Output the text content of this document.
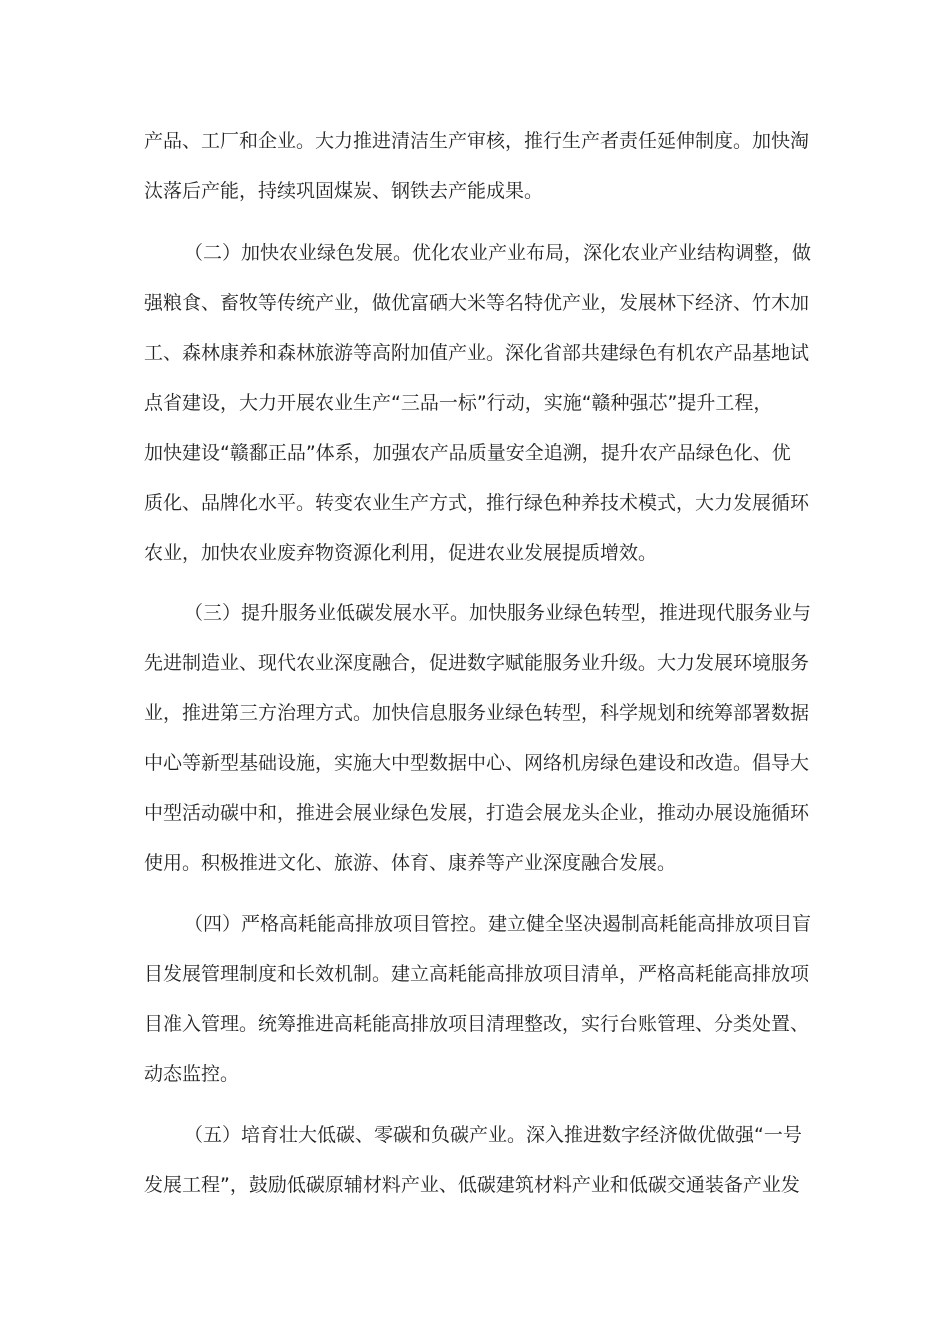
产品、工厂和企业。大力推进清洁生产审核，推行生产者责任延伸制度。加快淘
汰落后产能，持续巩固煤炭、钢铁去产能成果。
（二）加快农业绿色发展。优化农业产业布局，深化农业产业结构调整，做
强粮食、畜牧等传统产业，做优富硒大米等名特优产业，发展林下经济、竹木加
工、森林康养和森林旅游等高附加值产业。深化省部共建绿色有机农产品基地试
点省建设，大力开展农业生产“三品一标”行动，实施“赣种强芯”提升工程，
加快建设“赣鄱正品”体系，加强农产品质量安全追溯，提升农产品绿色化、优
质化、品牌化水平。转变农业生产方式，推行绿色种养技术模式，大力发展循环
农业，加快农业废弃物资源化利用，促进农业发展提质增效。
（三）提升服务业低碳发展水平。加快服务业绿色转型，推进现代服务业与
先进制造业、现代农业深度融合，促进数字赋能服务业升级。大力发展环境服务
业，推进第三方治理方式。加快信息服务业绿色转型，科学规划和统筹部署数据
中心等新型基础设施，实施大中型数据中心、网络机房绿色建设和改造。倡导大
中型活动碳中和，推进会展业绿色发展，打造会展龙头企业，推动办展设施循环
使用。积极推进文化、旅游、体育、康养等产业深度融合发展。
（四）严格高耗能高排放项目管控。建立健全坚决遏制高耗能高排放项目盲
目发展管理制度和长效机制。建立高耗能高排放项目清单，严格高耗能高排放项
目准入管理。统筹推进高耗能高排放项目清理整改，实行台账管理、分类处置、
动态监控。
（五）培育壮大低碳、零碳和负碳产业。深入推进数字经济做优做强“一号
发展工程”，鼓励低碳原辅材料产业、低碳建筑材料产业和低碳交通装备产业发
